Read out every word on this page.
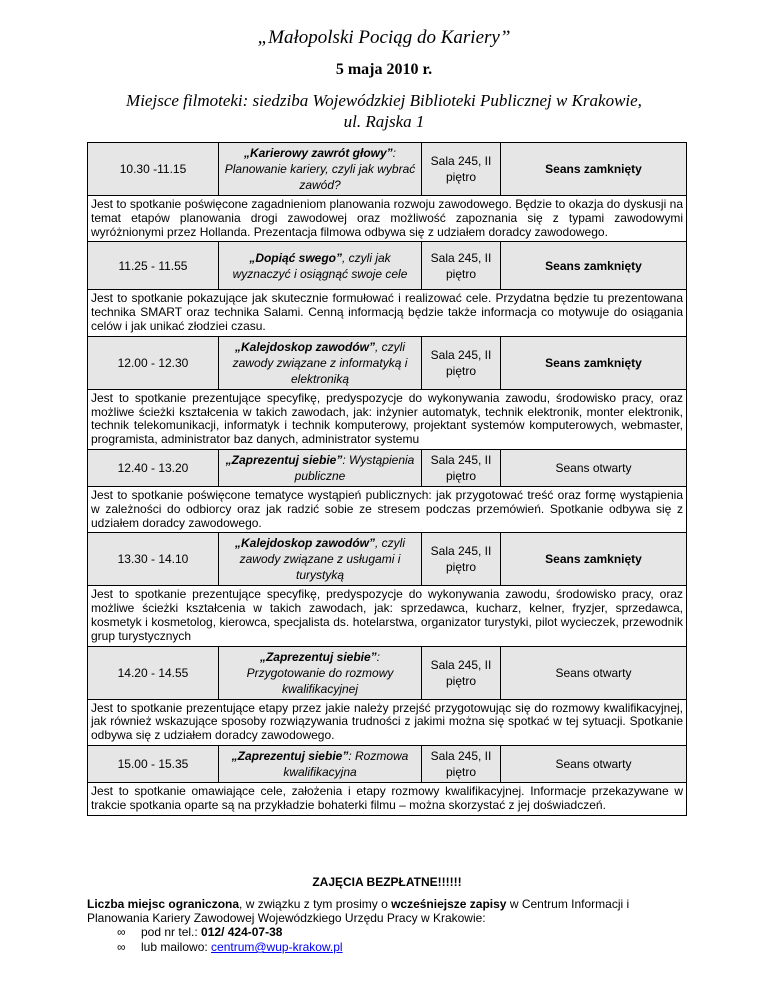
„Małopolski Pociąg do Kariery”
5 maja 2010 r.
Miejsce filmoteki: siedziba Wojewódzkiej Biblioteki Publicznej w Krakowie,
ul. Rajska 1
10.30 -11.15	„Karierowy zawrót głowy”: Planowanie kariery, czyli jak wybrać zawód?	Sala 245, II piętro	Seans zamknięty
Jest to spotkanie poświęcone zagadnieniom planowania rozwoju zawodowego. Będzie to okazja do dyskusji na temat etapów planowania drogi zawodowej oraz możliwość zapoznania się z typami zawodowymi wyróżnionymi przez Hollanda. Prezentacja filmowa odbywa się z udziałem doradcy zawodowego.			
11.25 - 11.55	„Dopiąć swego”, czyli jak wyznaczyć i osiągnąć swoje cele	Sala 245, II piętro	Seans zamknięty
Jest to spotkanie pokazujące jak skutecznie formułować i realizować cele. Przydatna będzie tu prezentowana technika SMART oraz technika Salami. Cenną informacją będzie także informacja co motywuje do osiągania celów i jak unikać złodziei czasu.			
12.00 - 12.30	„Kalejdoskop zawodów”, czyli zawody związane z informatyką i elektroniką	Sala 245, II piętro	Seans zamknięty
Jest to spotkanie prezentujące specyfikę, predyspozycje do wykonywania zawodu, środowisko pracy, oraz możliwe ścieżki kształcenia w takich zawodach, jak: inżynier automatyk, technik elektronik, monter elektronik, technik telekomunikacji, informatyk i technik komputerowy, projektant systemów komputerowych, webmaster, programista, administrator baz danych, administrator systemu			
12.40 - 13.20	„Zaprezentuj siebie”: Wystąpienia publiczne	Sala 245, II piętro	Seans otwarty
Jest to spotkanie poświęcone tematyce wystąpień publicznych: jak przygotować treść oraz formę wystąpienia w zależności do odbiorcy oraz jak radzić sobie ze stresem podczas przemówień. Spotkanie odbywa się z udziałem doradcy zawodowego.			
13.30 - 14.10	„Kalejdoskop zawodów”, czyli zawody związane z usługami i turystyką	Sala 245, II piętro	Seans zamknięty
Jest to spotkanie prezentujące specyfikę, predyspozycje do wykonywania zawodu, środowisko pracy, oraz możliwe ścieżki kształcenia w takich zawodach, jak: sprzedawca, kucharz, kelner, fryzjer, sprzedawca, kosmetyk i kosmetolog, kierowca, specjalista ds. hotelarstwa, organizator turystyki, pilot wycieczek, przewodnik grup turystycznych			
14.20 - 14.55	„Zaprezentuj siebie”: Przygotowanie do rozmowy kwalifikacyjnej	Sala 245, II piętro	Seans otwarty
Jest to spotkanie prezentujące etapy przez jakie należy przejść przygotowując się do rozmowy kwalifikacyjnej, jak również wskazujące sposoby rozwiązywania trudności z jakimi można się spotkać w tej sytuacji. Spotkanie odbywa się z udziałem doradcy zawodowego.			
15.00 - 15.35	„Zaprezentuj siebie”: Rozmowa kwalifikacyjna	Sala 245, II piętro	Seans otwarty
Jest to spotkanie omawiające cele, założenia i etapy rozmowy kwalifikacyjnej. Informacje przekazywane w trakcie spotkania oparte są na przykładzie bohaterki filmu – można skorzystać z jej doświadczeń.			
ZAJĘCIA BEZPŁATNE!!!!!!
Liczba miejsc ograniczona, w związku z tym prosimy o wcześniejsze zapisy w Centrum Informacji i Planowania Kariery Zawodowej Wojewódzkiego Urzędu Pracy w Krakowie:
∞ pod nr tel.: 012/ 424-07-38
∞ lub mailowo: centrum@wup-krakow.pl
